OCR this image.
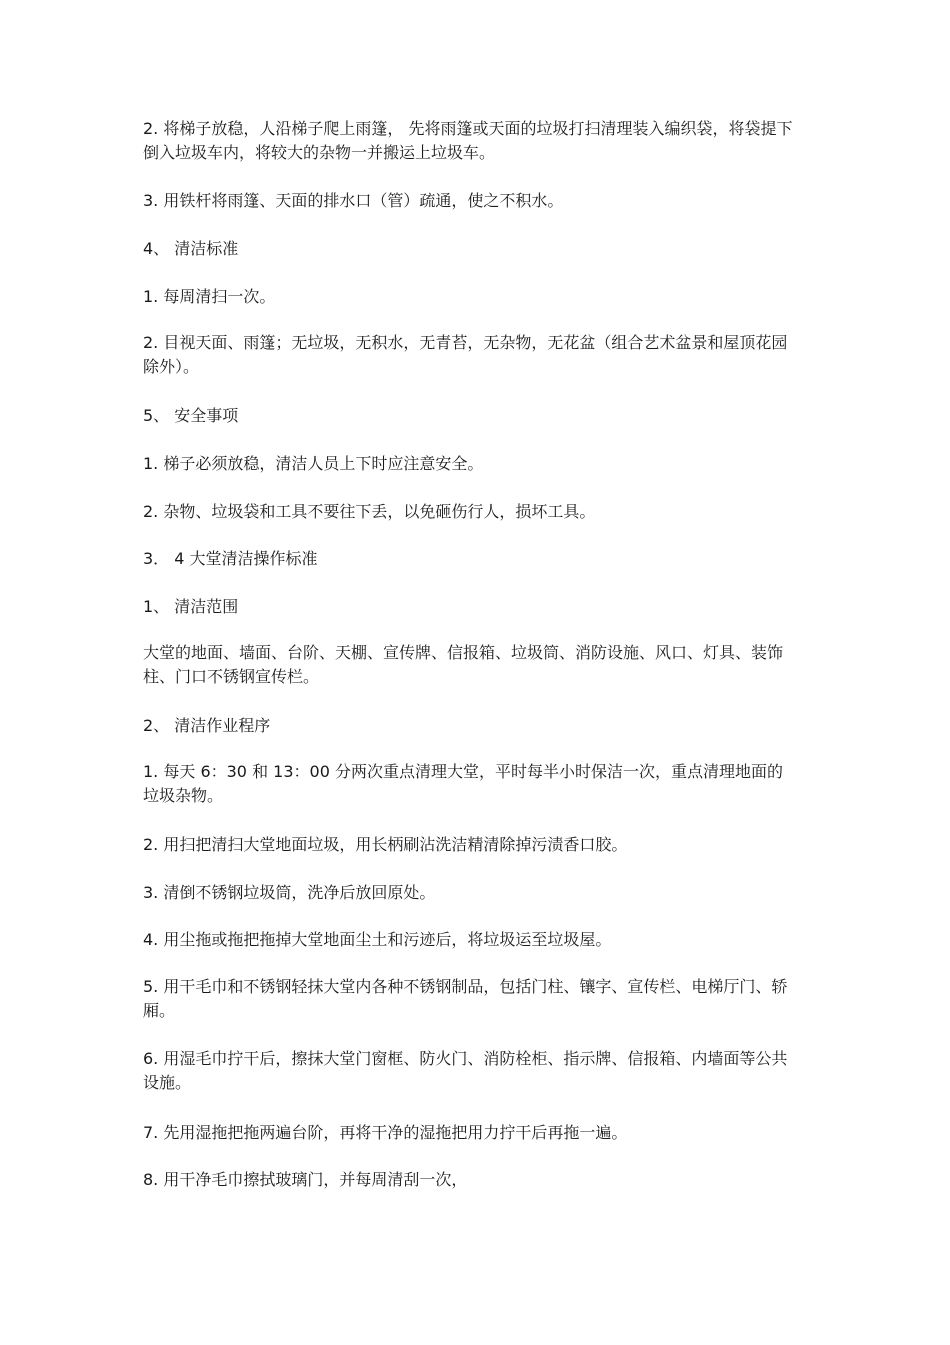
2. 将梯子放稳，人沿梯子爬上雨篷， 先将雨篷或天面的垃圾打扫清理装入编织袋，将袋提下倒入垃圾车内，将较大的杂物一并搬运上垃圾车。

3. 用铁杆将雨篷、天面的排水口（管）疏通，使之不积水。

4、 清洁标准

1. 每周清扫一次。

2. 目视天面、雨篷；无垃圾，无积水，无青苔，无杂物，无花盆（组合艺术盆景和屋顶花园除外）。

5、 安全事项

1. 梯子必须放稳，清洁人员上下时应注意安全。

2. 杂物、垃圾袋和工具不要往下丢，以免砸伤行人，损坏工具。

3． 4 大堂清洁操作标准

1、 清洁范围

大堂的地面、墙面、台阶、天棚、宣传牌、信报箱、垃圾筒、消防设施、风口、灯具、装饰柱、门口不锈钢宣传栏。

2、 清洁作业程序

1. 每天 6：30 和 13：00 分两次重点清理大堂，平时每半小时保洁一次，重点清理地面的垃圾杂物。

2. 用扫把清扫大堂地面垃圾，用长柄刷沾洗洁精清除掉污渍香口胶。

3. 清倒不锈钢垃圾筒，洗净后放回原处。

4. 用尘拖或拖把拖掉大堂地面尘土和污迹后，将垃圾运至垃圾屋。

5. 用干毛巾和不锈钢轻抹大堂内各种不锈钢制品，包括门柱、镶字、宣传栏、电梯厅门、轿厢。

6. 用湿毛巾拧干后，擦抹大堂门窗框、防火门、消防栓柜、指示牌、信报箱、内墙面等公共设施。

7. 先用湿拖把拖两遍台阶，再将干净的湿拖把用力拧干后再拖一遍。

8. 用干净毛巾擦拭玻璃门，并每周清刮一次，
